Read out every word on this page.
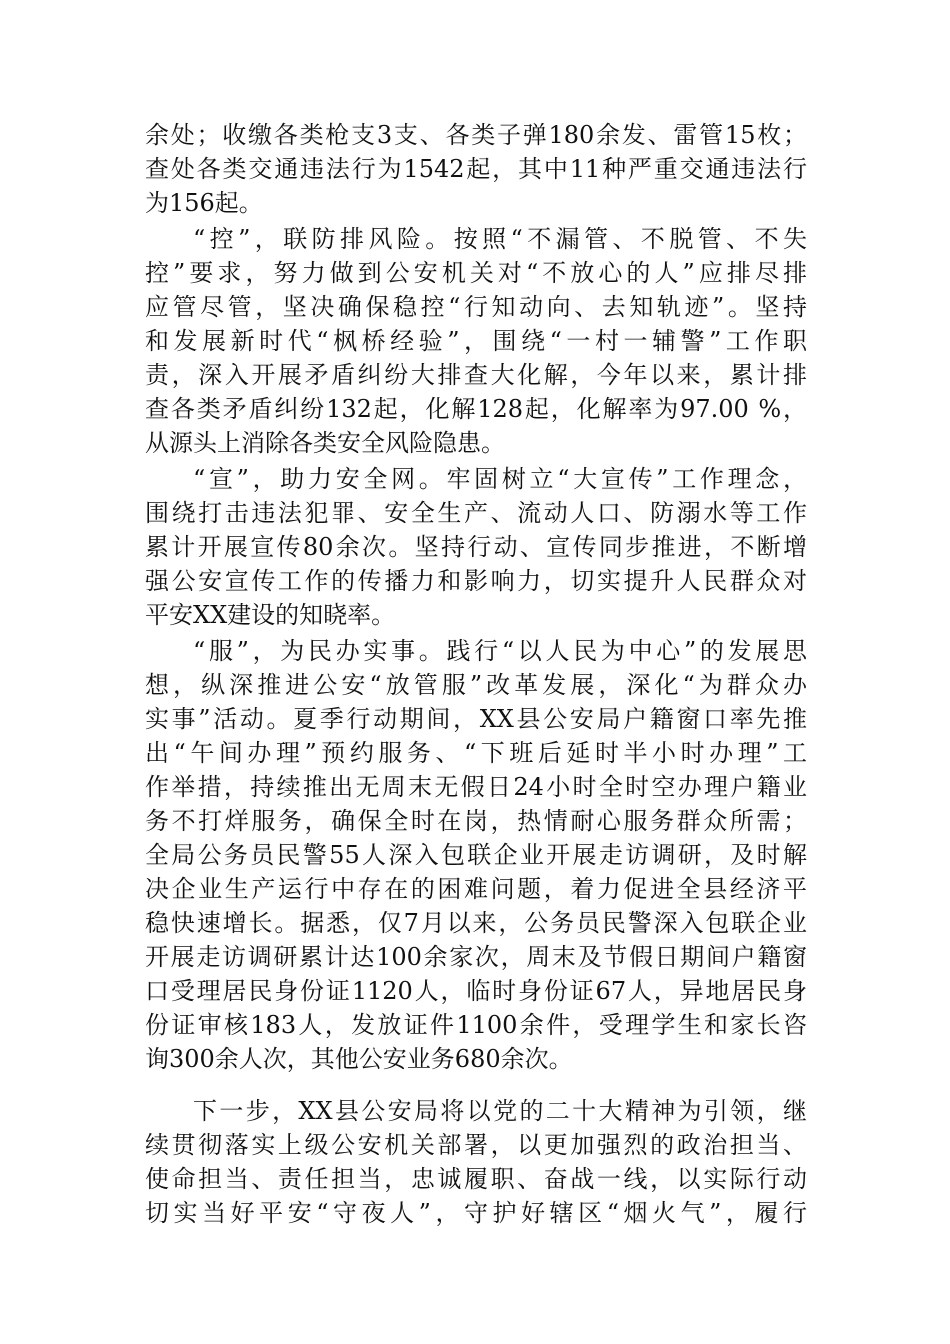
余处；收缴各类枪支3支、各类子弹180余发、雷管15枚；
查处各类交通违法行为1542起，其中11种严重交通违法行
为156起。
“控”，联防排风险。按照“不漏管、不脱管、不失
控”要求，努力做到公安机关对“不放心的人”应排尽排
应管尽管，坚决确保稳控“行知动向、去知轨迹”。坚持
和发展新时代“枫桥经验”，围绕“一村一辅警”工作职
责，深入开展矛盾纠纷大排查大化解，今年以来，累计排
查各类矛盾纠纷132起，化解128起，化解率为97.00 %，
从源头上消除各类安全风险隐患。
“宣”，助力安全网。牢固树立“大宣传”工作理念，
围绕打击违法犯罪、安全生产、流动人口、防溺水等工作
累计开展宣传80余次。坚持行动、宣传同步推进，不断增
强公安宣传工作的传播力和影响力，切实提升人民群众对
平安XX建设的知晓率。
“服”，为民办实事。践行“以人民为中心”的发展思
想，纵深推进公安“放管服”改革发展，深化“为群众办
实事”活动。夏季行动期间，XX县公安局户籍窗口率先推
出“午间办理”预约服务、“下班后延时半小时办理”工
作举措，持续推出无周末无假日24小时全时空办理户籍业
务不打烊服务，确保全时在岗，热情耐心服务群众所需；
全局公务员民警55人深入包联企业开展走访调研，及时解
决企业生产运行中存在的困难问题，着力促进全县经济平
稳快速增长。据悉，仅7月以来，公务员民警深入包联企业
开展走访调研累计达100余家次，周末及节假日期间户籍窗
口受理居民身份证1120人，临时身份证67人，异地居民身
份证审核183人，发放证件1100余件，受理学生和家长咨
询300余人次，其他公安业务680余次。
下一步，XX县公安局将以党的二十大精神为引领，继
续贯彻落实上级公安机关部署，以更加强烈的政治担当、
使命担当、责任担当，忠诚履职、奋战一线，以实际行动
切实当好平安“守夜人”，守护好辖区“烟火气”，履行
